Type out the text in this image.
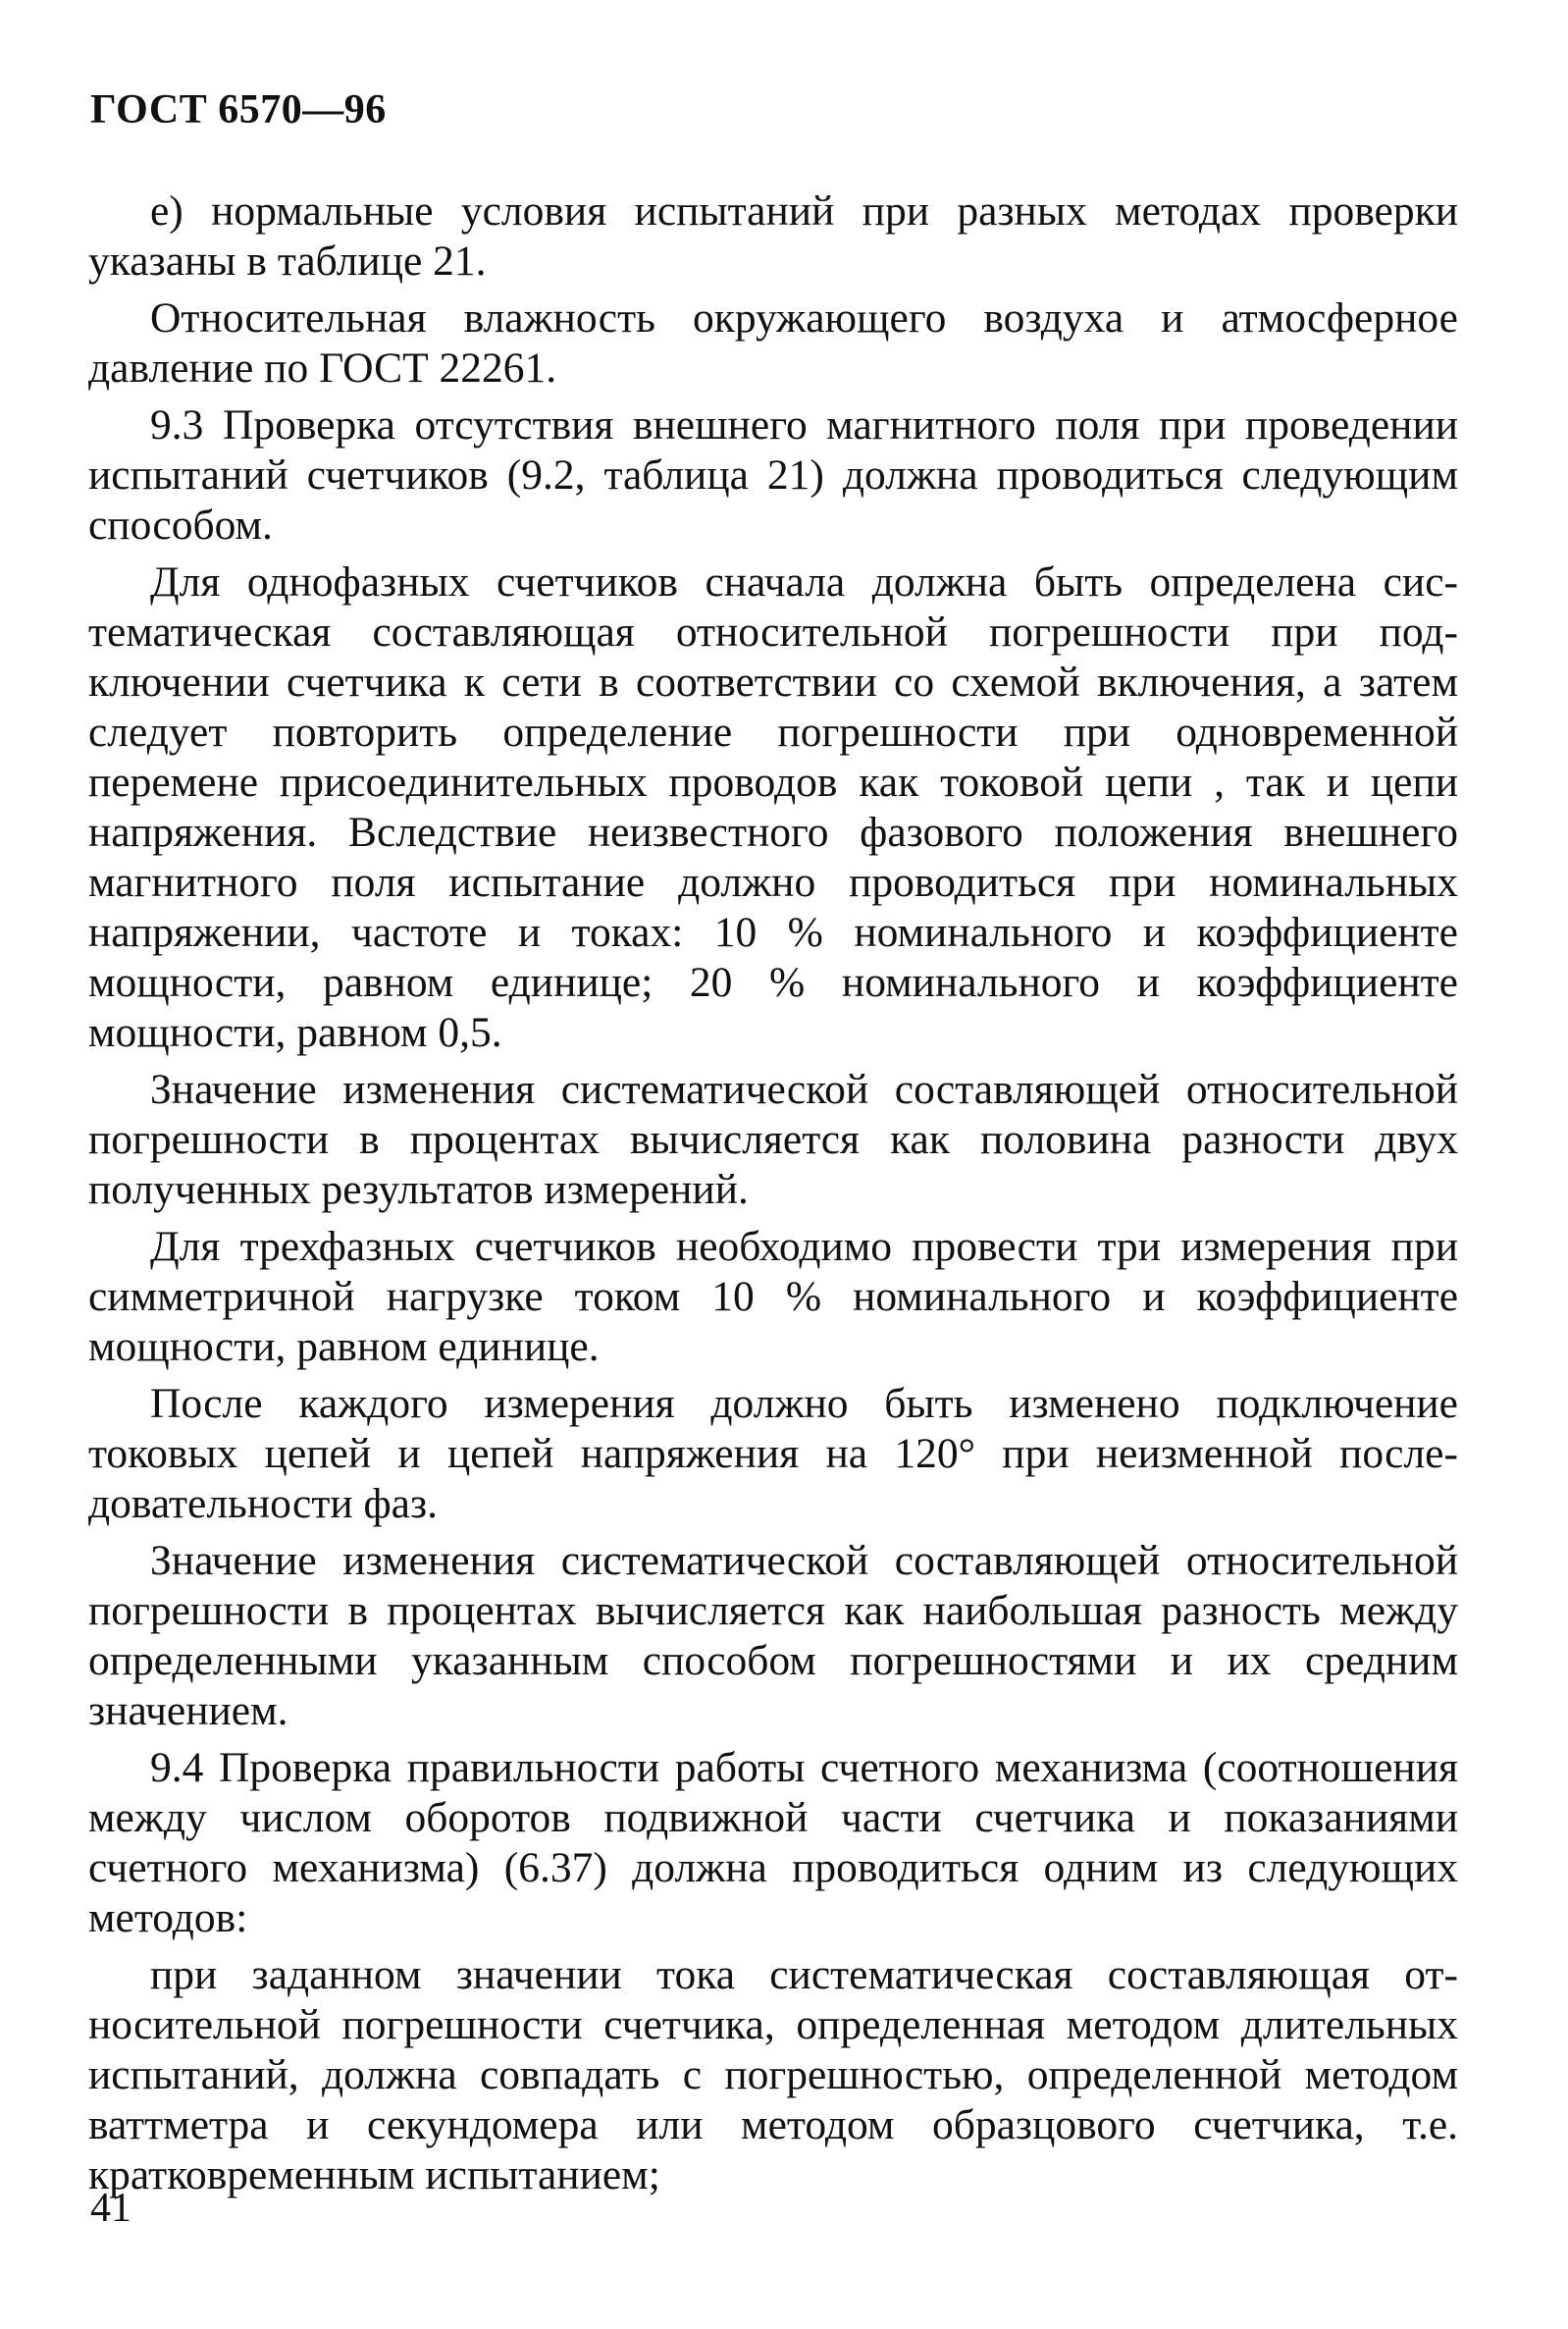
ГОСТ 6570—96

е) нормальные условия испытаний при разных методах проверки указаны в таблице 21.

Относительная влажность окружающего воздуха и атмосферное давление по ГОСТ 22261.

9.3 Проверка отсутствия внешнего магнитного поля при проведении испытаний счетчиков (9.2, таблица 21) должна проводиться следующим способом.

Для однофазных счетчиков сначала должна быть определена систематическая составляющая относительной погрешности при подключении счетчика к сети в соответствии со схемой включения, а затем следует повторить определение погрешности при одновременной перемене присоединительных проводов как токовой цепи , так и цепи напряжения. Вследствие неизвестного фазового положения внешнего магнитного поля испытание должно проводиться при номинальных напряжении, частоте и токах: 10 % номинального и коэффициенте мощности, равном единице; 20 % номинального и коэффициенте мощности, равном 0,5.

Значение изменения систематической составляющей относительной погрешности в процентах вычисляется как половина разности двух полученных результатов измерений.

Для трехфазных счетчиков необходимо провести три измерения при симметричной нагрузке током 10 % номинального и коэффициенте мощности, равном единице.

После каждого измерения должно быть изменено подключение токовых цепей и цепей напряжения на 120° при неизменной последовательности фаз.

Значение изменения систематической составляющей относительной погрешности в процентах вычисляется как наибольшая разность между определенными указанным способом погрешностями и их средним значением.

9.4 Проверка правильности работы счетного механизма (соотношения между числом оборотов подвижной части счетчика и показаниями счетного механизма) (6.37) должна проводиться одним из следующих методов:

при заданном значении тока систематическая составляющая относительной погрешности счетчика, определенная методом длительных испытаний, должна совпадать с погрешностью, определенной методом ваттметра и секундомера или методом образцового счетчика, т.е. кратковременным испытанием;

41
